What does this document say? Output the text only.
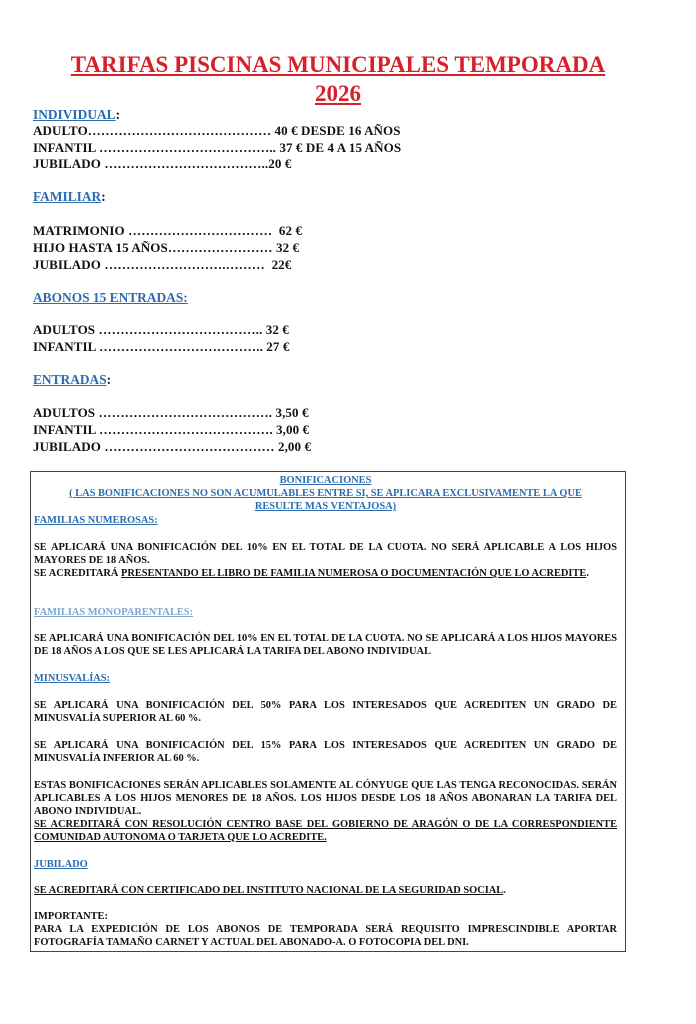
TARIFAS PISCINAS MUNICIPALES TEMPORADA
2026
INDIVIDUAL:
ADULTO…………………………………… 40 € DESDE 16 AÑOS
INFANTIL ………………………………….. 37 € DE 4 A 15 AÑOS
JUBILADO ………………………………..20 €
FAMILIAR:
MATRIMONIO ……………………………  62 €
HIJO HASTA 15 AÑOS…………………… 32 €
JUBILADO ……………………….………  22€
ABONOS 15 ENTRADAS:
ADULTOS ……………………………….. 32 €
INFANTIL ……………………………….. 27 €
ENTRADAS:
ADULTOS …………………………………. 3,50 €
INFANTIL …………………………………. 3,00 €
JUBILADO ………………………………… 2,00 €
BONIFICACIONES
( LAS BONIFICACIONES NO SON ACUMULABLES ENTRE SI, SE APLICARA EXCLUSIVAMENTE LA QUE
RESULTE MAS VENTAJOSA)
FAMILIAS NUMEROSAS:
SE APLICARÁ UNA BONIFICACIÓN DEL 10% EN EL TOTAL DE LA CUOTA. NO SERÁ APLICABLE A LOS HIJOS MAYORES DE 18 AÑOS.
SE ACREDITARÁ PRESENTANDO EL LIBRO DE FAMILIA NUMEROSA O DOCUMENTACIÓN QUE LO ACREDITE.
FAMILIAS MONOPARENTALES:
SE APLICARÁ UNA BONIFICACIÓN DEL 10% EN EL TOTAL DE LA CUOTA. NO SE APLICARÁ A LOS HIJOS MAYORES DE 18 AÑOS A LOS QUE SE LES APLICARÁ LA TARIFA DEL ABONO INDIVIDUAL
MINUSVALÍAS:
SE APLICARÁ UNA BONIFICACIÓN DEL 50% PARA LOS INTERESADOS QUE ACREDITEN UN GRADO DE MINUSVALÍA SUPERIOR AL 60 %.
SE APLICARÁ UNA BONIFICACIÓN DEL 15% PARA LOS INTERESADOS QUE ACREDITEN UN GRADO DE MINUSVALÍA INFERIOR AL 60 %.
ESTAS BONIFICACIONES SERÁN APLICABLES SOLAMENTE AL CÓNYUGE QUE LAS TENGA RECONOCIDAS. SERÁN APLICABLES A LOS HIJOS MENORES DE 18 AÑOS. LOS HIJOS DESDE LOS 18 AÑOS ABONARAN LA TARIFA DEL ABONO INDIVIDUAL.
SE ACREDITARÁ CON RESOLUCIÓN CENTRO BASE DEL GOBIERNO DE ARAGÓN O DE LA CORRESPONDIENTE COMUNIDAD AUTONOMA O TARJETA QUE LO ACREDITE.
JUBILADO
SE ACREDITARÁ CON CERTIFICADO DEL INSTITUTO NACIONAL DE LA SEGURIDAD SOCIAL.
IMPORTANTE:
PARA LA EXPEDICIÓN DE LOS ABONOS DE TEMPORADA SERÁ REQUISITO IMPRESCINDIBLE APORTAR FOTOGRAFÍA TAMAÑO CARNET Y ACTUAL DEL ABONADO-A. O FOTOCOPIA DEL DNI.
